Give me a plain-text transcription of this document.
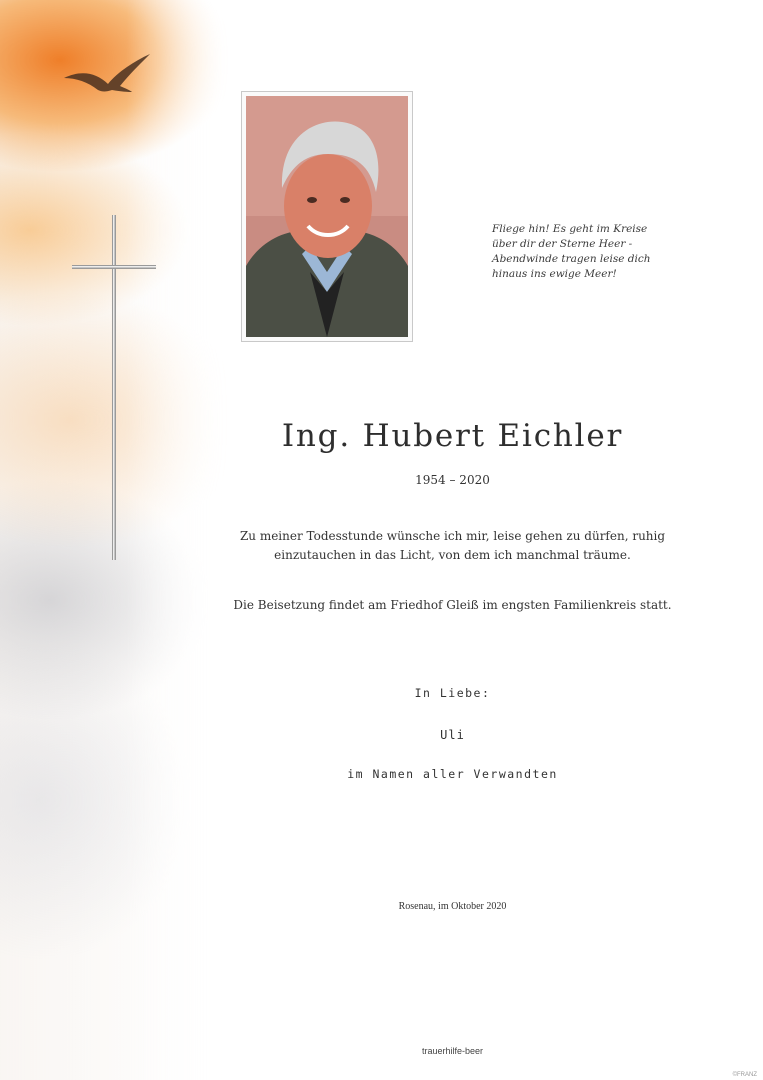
Fliege hin! Es geht im Kreise
über dir der Sterne Heer -
Abendwinde tragen leise dich
hinaus ins ewige Meer!
Ing. Hubert Eichler
1954 – 2020
Zu meiner Todesstunde wünsche ich mir, leise gehen zu dürfen, ruhig
einzutauchen in das Licht, von dem ich manchmal träume.
Die Beisetzung findet am Friedhof Gleiß im engsten Familienkreis statt.
In Liebe:
Uli
im Namen aller Verwandten
Rosenau, im Oktober 2020
trauerhilfe-beer
©FRANZ
